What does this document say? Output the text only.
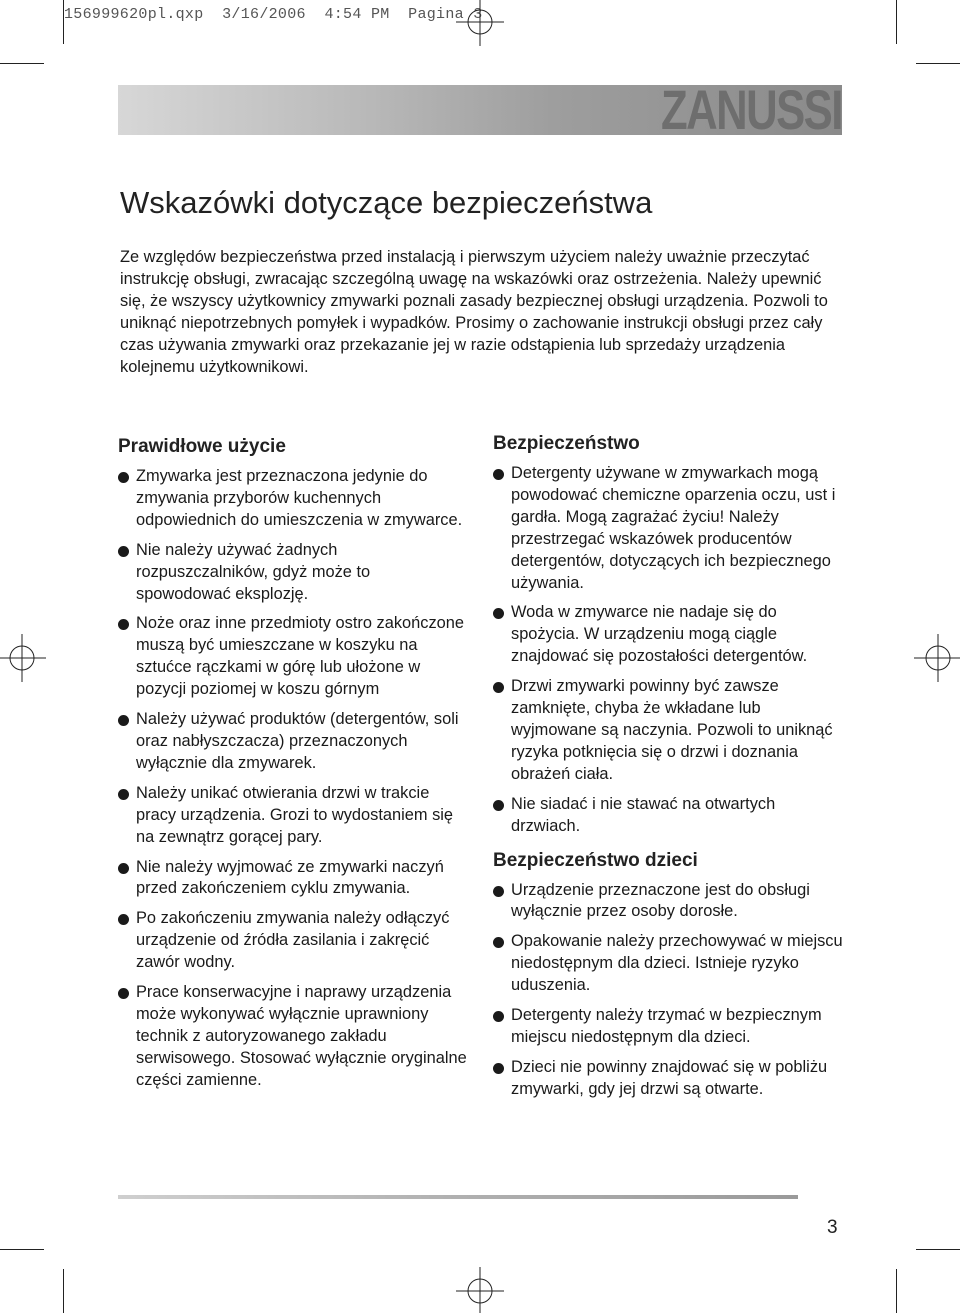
156999620pl.qxp  3/16/2006  4:54 PM  Pagina 3
ZANUSSI
Wskazówki dotyczące bezpieczeństwa

Ze względów bezpieczeństwa przed instalacją i pierwszym użyciem należy uważnie przeczytać instrukcję obsługi, zwracając szczególną uwagę na wskazówki oraz ostrzeżenia. Należy upewnić się, że wszyscy użytkownicy zmywarki poznali zasady bezpiecznej obsługi urządzenia. Pozwoli to uniknąć niepotrzebnych pomyłek i wypadków. Prosimy o zachowanie instrukcji obsługi przez cały czas używania zmywarki oraz przekazanie jej w razie odstąpienia lub sprzedaży urządzenia kolejnemu użytkownikowi.

Prawidłowe użycie
Zmywarka jest przeznaczona jedynie do zmywania przyborów kuchennych odpowiednich do umieszczenia w zmywarce.
Nie należy używać żadnych rozpuszczalników, gdyż może to spowodować eksplozję.
Noże oraz inne przedmioty ostro zakończone muszą być umieszczane w koszyku na sztućce rączkami w górę lub ułożone w pozycji poziomej w koszu górnym
Należy używać produktów (detergentów, soli oraz nabłyszczacza) przeznaczonych wyłącznie dla zmywarek.
Należy unikać otwierania drzwi w trakcie pracy urządzenia. Grozi to wydostaniem się na zewnątrz gorącej pary.
Nie należy wyjmować ze zmywarki naczyń przed zakończeniem cyklu zmywania.
Po zakończeniu zmywania należy odłączyć urządzenie od źródła zasilania i zakręcić zawór wodny.
Prace konserwacyjne i naprawy urządzenia może wykonywać wyłącznie uprawniony technik z autoryzowanego zakładu serwisowego. Stosować wyłącznie oryginalne części zamienne.
Bezpieczeństwo
Detergenty używane w zmywarkach mogą powodować chemiczne oparzenia oczu, ust i gardła. Mogą zagrażać życiu! Należy przestrzegać wskazówek producentów detergentów, dotyczących ich bezpiecznego używania.
Woda w zmywarce nie nadaje się do spożycia. W urządzeniu mogą ciągle znajdować się pozostałości detergentów.
Drzwi zmywarki powinny być zawsze zamknięte, chyba że wkładane lub wyjmowane są naczynia. Pozwoli to uniknąć ryzyka potknięcia się o drzwi i doznania obrażeń ciała.
Nie siadać i nie stawać na otwartych drzwiach.
Bezpieczeństwo dzieci
Urządzenie przeznaczone jest do obsługi wyłącznie przez osoby dorosłe.
Opakowanie należy przechowywać w miejscu niedostępnym dla dzieci. Istnieje ryzyko uduszenia.
Detergenty należy trzymać w bezpiecznym miejscu niedostępnym dla dzieci.
Dzieci nie powinny znajdować się w pobliżu zmywarki, gdy jej drzwi są otwarte.
3
